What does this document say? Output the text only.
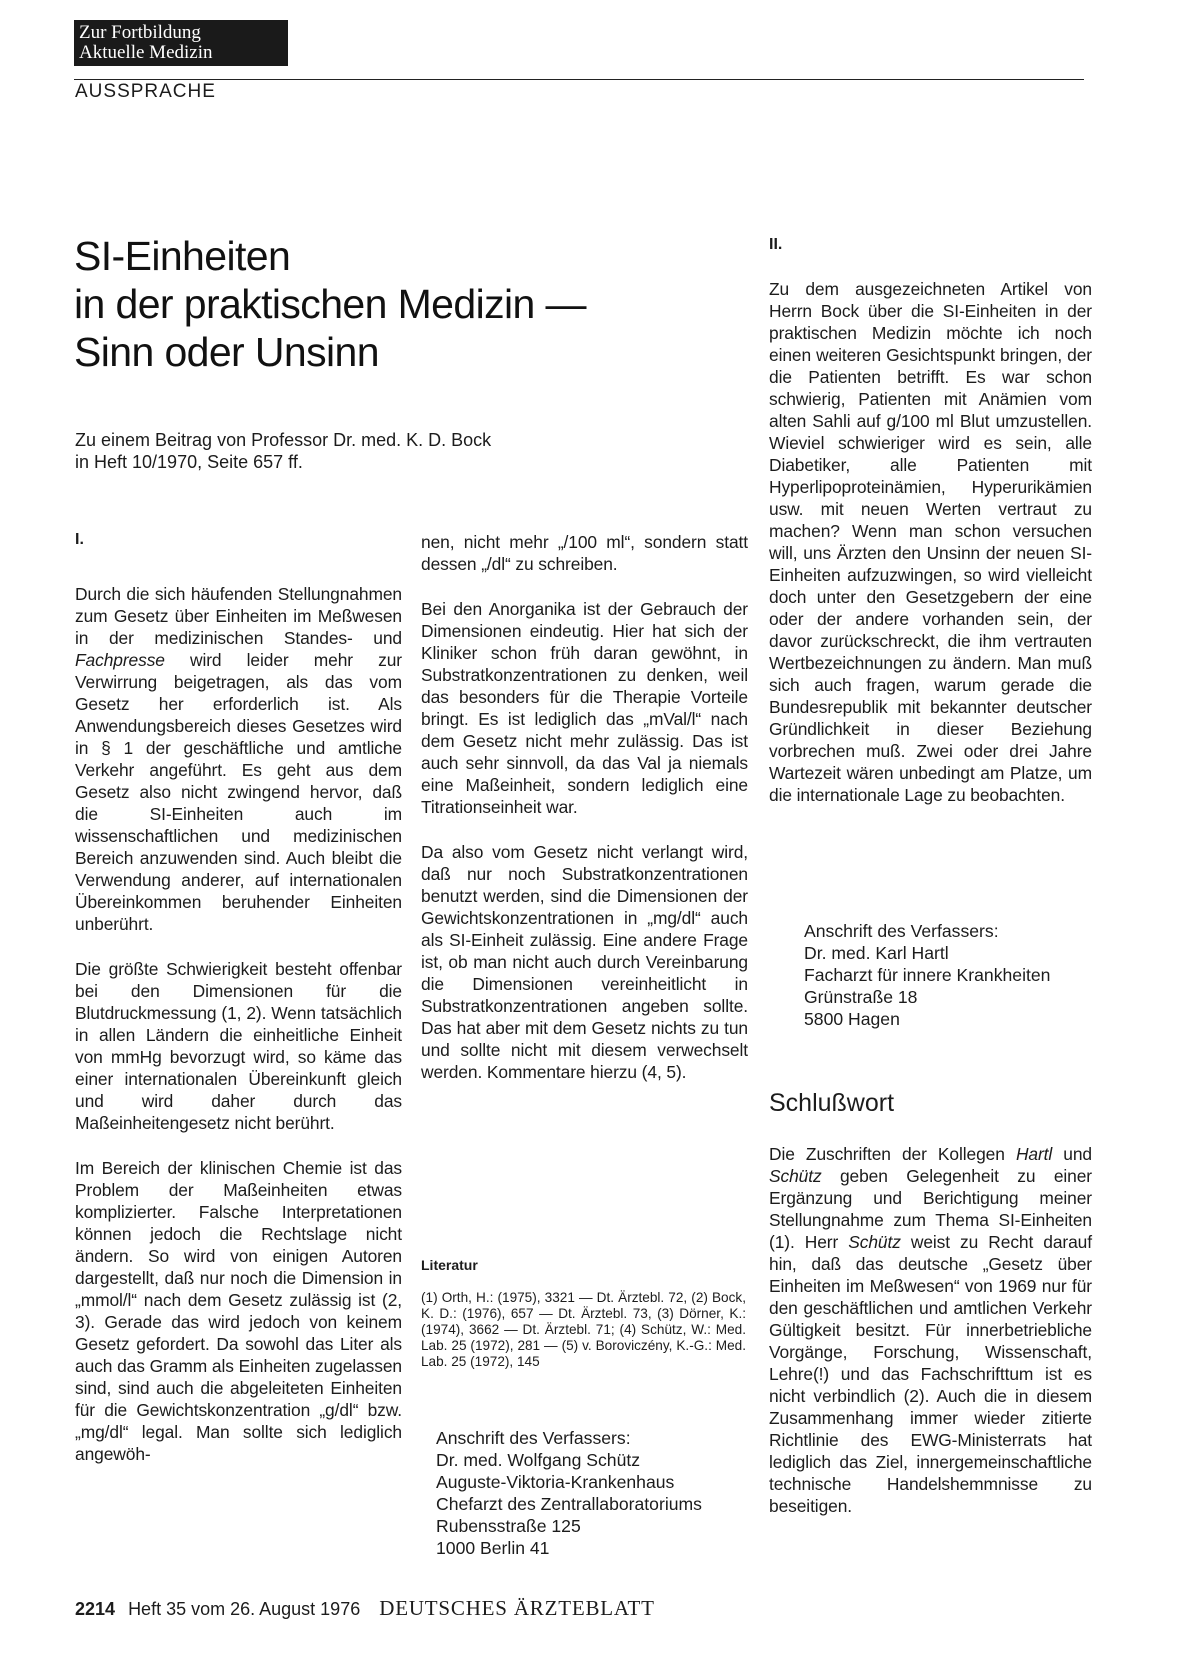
Zur Fortbildung
Aktuelle Medizin
AUSSPRACHE
SI-Einheiten
in der praktischen Medizin —
Sinn oder Unsinn
Zu einem Beitrag von Professor Dr. med. K. D. Bock
in Heft 10/1970, Seite 657 ff.
I.

Durch die sich häufenden Stellungnahmen zum Gesetz über Einheiten im Meßwesen in der medizinischen Standes- und Fachpresse wird leider mehr zur Verwirrung beigetragen, als das vom Gesetz her erforderlich ist. Als Anwendungsbereich dieses Gesetzes wird in § 1 der geschäftliche und amtliche Verkehr angeführt. Es geht aus dem Gesetz also nicht zwingend hervor, daß die SI-Einheiten auch im wissenschaftlichen und medizinischen Bereich anzuwenden sind. Auch bleibt die Verwendung anderer, auf internationalen Übereinkommen beruhender Einheiten unberührt.

Die größte Schwierigkeit besteht offenbar bei den Dimensionen für die Blutdruckmessung (1, 2). Wenn tatsächlich in allen Ländern die einheitliche Einheit von mmHg bevorzugt wird, so käme das einer internationalen Übereinkunft gleich und wird daher durch das Maßeinheitengesetz nicht berührt.

Im Bereich der klinischen Chemie ist das Problem der Maßeinheiten etwas komplizierter. Falsche Interpretationen können jedoch die Rechtslage nicht ändern. So wird von einigen Autoren dargestellt, daß nur noch die Dimension in „mmol/l“ nach dem Gesetz zulässig ist (2, 3). Gerade das wird jedoch von keinem Gesetz gefordert. Da sowohl das Liter als auch das Gramm als Einheiten zugelassen sind, sind auch die abgeleiteten Einheiten für die Gewichtskonzentration „g/dl“ bzw. „mg/dl“ legal. Man sollte sich lediglich angewöh-

nen, nicht mehr „/100 ml“, sondern statt dessen „/dl“ zu schreiben.

Bei den Anorganika ist der Gebrauch der Dimensionen eindeutig. Hier hat sich der Kliniker schon früh daran gewöhnt, in Substratkonzentrationen zu denken, weil das besonders für die Therapie Vorteile bringt. Es ist lediglich das „mVal/l“ nach dem Gesetz nicht mehr zulässig. Das ist auch sehr sinnvoll, da das Val ja niemals eine Maßeinheit, sondern lediglich eine Titrationseinheit war.

Da also vom Gesetz nicht verlangt wird, daß nur noch Substratkonzentrationen benutzt werden, sind die Dimensionen der Gewichtskonzentrationen in „mg/dl“ auch als SI-Einheit zulässig. Eine andere Frage ist, ob man nicht auch durch Vereinbarung die Dimensionen vereinheitlicht in Substratkonzentrationen angeben sollte. Das hat aber mit dem Gesetz nichts zu tun und sollte nicht mit diesem verwechselt werden. Kommentare hierzu (4, 5).

Literatur
(1) Orth, H.: (1975), 3321 — Dt. Ärztebl. 72, (2) Bock, K. D.: (1976), 657 — Dt. Ärztebl. 73, (3) Dörner, K.: (1974), 3662 — Dt. Ärztebl. 71; (4) Schütz, W.: Med. Lab. 25 (1972), 281 — (5) v. Boroviczény, K.-G.: Med. Lab. 25 (1972), 145
Anschrift des Verfassers:
Dr. med. Wolfgang Schütz
Auguste-Viktoria-Krankenhaus
Chefarzt des Zentrallaboratoriums
Rubensstraße 125
1000 Berlin 41
II.

Zu dem ausgezeichneten Artikel von Herrn Bock über die SI-Einheiten in der praktischen Medizin möchte ich noch einen weiteren Gesichtspunkt bringen, der die Patienten betrifft. Es war schon schwierig, Patienten mit Anämien vom alten Sahli auf g/100 ml Blut umzustellen. Wieviel schwieriger wird es sein, alle Diabetiker, alle Patienten mit Hyperlipoproteinämien, Hyperurikämien usw. mit neuen Werten vertraut zu machen? Wenn man schon versuchen will, uns Ärzten den Unsinn der neuen SI-Einheiten aufzuzwingen, so wird vielleicht doch unter den Gesetzgebern der eine oder der andere vorhanden sein, der davor zurückschreckt, die ihm vertrauten Wertbezeichnungen zu ändern. Man muß sich auch fragen, warum gerade die Bundesrepublik mit bekannter deutscher Gründlichkeit in dieser Beziehung vorbrechen muß. Zwei oder drei Jahre Wartezeit wären unbedingt am Platze, um die internationale Lage zu beobachten.

Anschrift des Verfassers:
Dr. med. Karl Hartl
Facharzt für innere Krankheiten
Grünstraße 18
5800 Hagen
Schlußwort

Die Zuschriften der Kollegen Hartl und Schütz geben Gelegenheit zu einer Ergänzung und Berichtigung meiner Stellungnahme zum Thema SI-Einheiten (1). Herr Schütz weist zu Recht darauf hin, daß das deutsche „Gesetz über Einheiten im Meßwesen“ von 1969 nur für den geschäftlichen und amtlichen Verkehr Gültigkeit besitzt. Für innerbetriebliche Vorgänge, Forschung, Wissenschaft, Lehre(!) und das Fachschrifttum ist es nicht verbindlich (2). Auch die in diesem Zusammenhang immer wieder zitierte Richtlinie des EWG-Ministerrats hat lediglich das Ziel, innergemeinschaftliche technische Handelshemmnisse zu beseitigen.

2214 Heft 35 vom 26. August 1976 DEUTSCHES ÄRZTEBLATT
